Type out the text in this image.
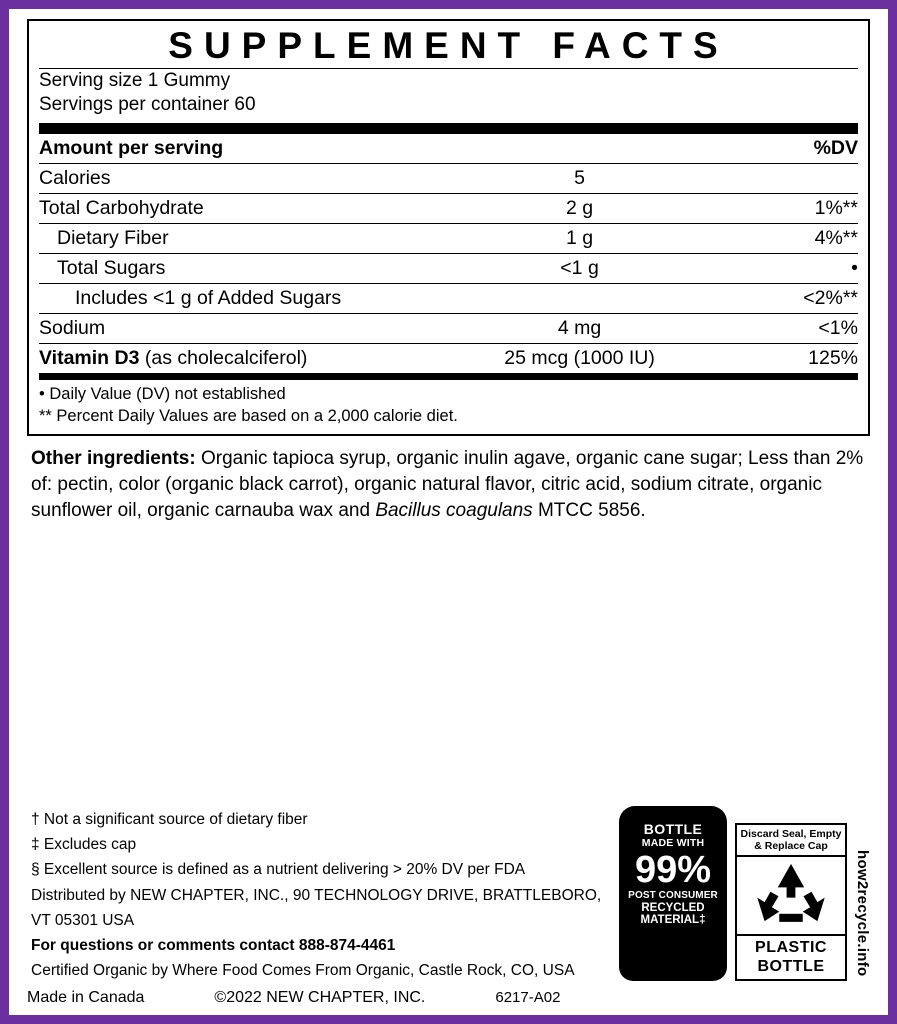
SUPPLEMENT FACTS
Serving size 1 Gummy
Servings per container 60
Amount per serving		%DV
Calories	5	
Total Carbohydrate	2 g	1%**
Dietary Fiber	1 g	4%**
Total Sugars	<1 g	•
Includes <1 g of Added Sugars		<2%**
Sodium	4 mg	<1%
Vitamin D3 (as cholecalciferol)	25 mcg (1000 IU)	125%
• Daily Value (DV) not established
** Percent Daily Values are based on a 2,000 calorie diet.
Other ingredients: Organic tapioca syrup, organic inulin agave, organic cane sugar; Less than 2% of: pectin, color (organic black carrot), organic natural flavor, citric acid, sodium citrate, organic sunflower oil, organic carnauba wax and Bacillus coagulans MTCC 5856.
† Not a significant source of dietary fiber
‡ Excludes cap
§ Excellent source is defined as a nutrient delivering > 20% DV per FDA
Distributed by NEW CHAPTER, INC., 90 TECHNOLOGY DRIVE, BRATTLEBORO, VT 05301 USA
For questions or comments contact 888-874-4461
Certified Organic by Where Food Comes From Organic, Castle Rock, CO, USA
BOTTLE
MADE WITH
99%
POST CONSUMER
RECYCLED
MATERIAL‡
Discard Seal, Empty & Replace Cap
PLASTIC
BOTTLE	how2recycle.info
Made in Canada	©2022 NEW CHAPTER, INC.	6217-A02
